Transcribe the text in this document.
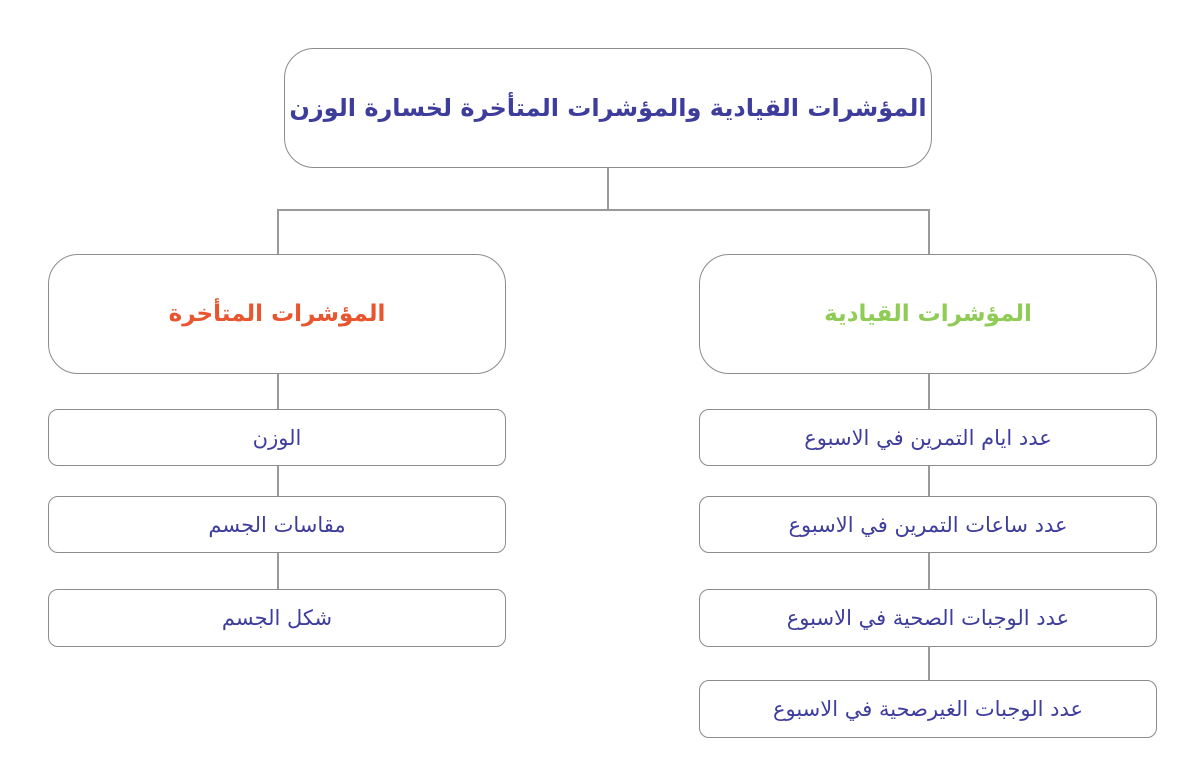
المؤشرات القيادية والمؤشرات المتأخرة لخسارة الوزن
المؤشرات المتأخرة	المؤشرات القيادية
الوزن
مقاسات الجسم
شكل الجسم
عدد ايام التمرين في الاسبوع
عدد ساعات التمرين في الاسبوع
عدد الوجبات الصحية في الاسبوع
عدد الوجبات الغيرصحية في الاسبوع
